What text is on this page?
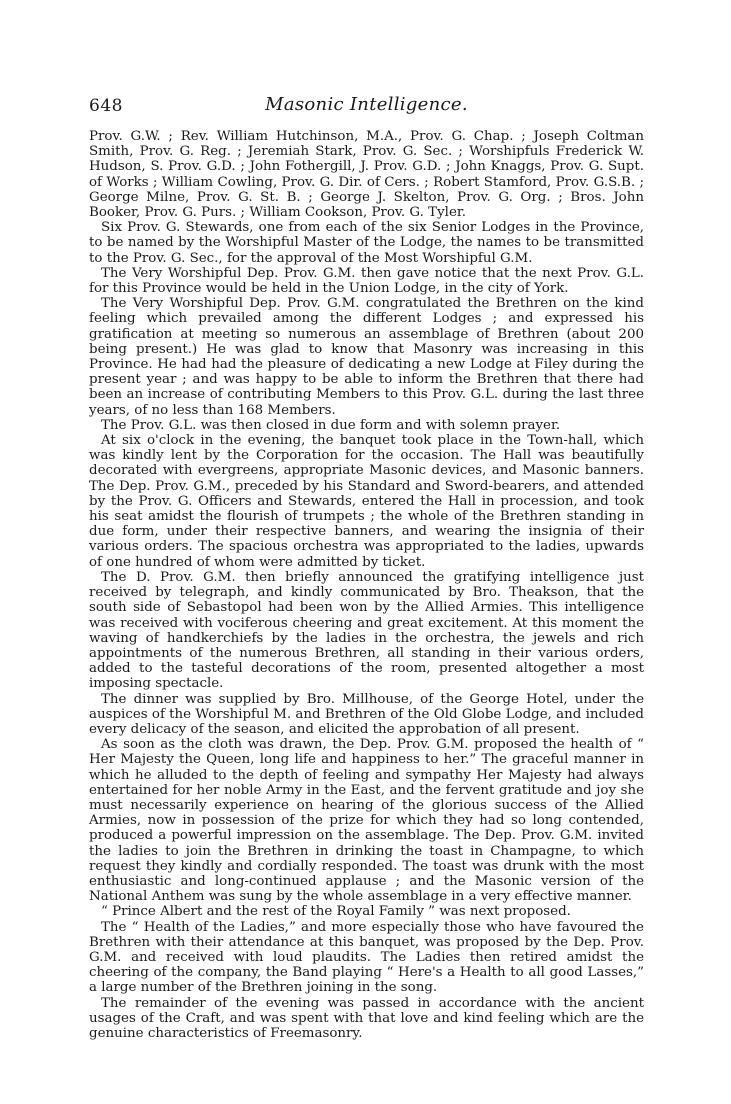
648	Masonic Intelligence.

Prov. G.W. ; Rev. William Hutchinson, M.A., Prov. G. Chap. ; Joseph Coltman Smith, Prov. G. Reg. ; Jeremiah Stark, Prov. G. Sec. ; Worshipfuls Frederick W. Hudson, S. Prov. G.D. ; John Fothergill, J. Prov. G.D. ; John Knaggs, Prov. G. Supt. of Works ; William Cowling, Prov. G. Dir. of Cers. ; Robert Stamford, Prov. G.S.B. ; George Milne, Prov. G. St. B. ; George J. Skelton, Prov. G. Org. ; Bros. John Booker, Prov. G. Purs. ; William Cookson, Prov. G. Tyler.

Six Prov. G. Stewards, one from each of the six Senior Lodges in the Province, to be named by the Worshipful Master of the Lodge, the names to be transmitted to the Prov. G. Sec., for the approval of the Most Worshipful G.M.

The Very Worshipful Dep. Prov. G.M. then gave notice that the next Prov. G.L. for this Province would be held in the Union Lodge, in the city of York.

The Very Worshipful Dep. Prov. G.M. congratulated the Brethren on the kind feeling which prevailed among the different Lodges ; and expressed his gratification at meeting so numerous an assemblage of Brethren (about 200 being present.) He was glad to know that Masonry was increasing in this Province. He had had the pleasure of dedicating a new Lodge at Filey during the present year ; and was happy to be able to inform the Brethren that there had been an increase of contributing Members to this Prov. G.L. during the last three years, of no less than 168 Members.

The Prov. G.L. was then closed in due form and with solemn prayer.

At six o'clock in the evening, the banquet took place in the Town-hall, which was kindly lent by the Corporation for the occasion. The Hall was beautifully decorated with evergreens, appropriate Masonic devices, and Masonic banners. The Dep. Prov. G.M., preceded by his Standard and Sword-bearers, and attended by the Prov. G. Officers and Stewards, entered the Hall in procession, and took his seat amidst the flourish of trumpets ; the whole of the Brethren standing in due form, under their respective banners, and wearing the insignia of their various orders. The spacious orchestra was appropriated to the ladies, upwards of one hundred of whom were admitted by ticket.

The D. Prov. G.M. then briefly announced the gratifying intelligence just received by telegraph, and kindly communicated by Bro. Theakson, that the south side of Sebastopol had been won by the Allied Armies. This intelligence was received with vociferous cheering and great excitement. At this moment the waving of handkerchiefs by the ladies in the orchestra, the jewels and rich appointments of the numerous Brethren, all standing in their various orders, added to the tasteful decorations of the room, presented altogether a most imposing spectacle.

The dinner was supplied by Bro. Millhouse, of the George Hotel, under the auspices of the Worshipful M. and Brethren of the Old Globe Lodge, and included every delicacy of the season, and elicited the approbation of all present.

As soon as the cloth was drawn, the Dep. Prov. G.M. proposed the health of “ Her Majesty the Queen, long life and happiness to her.” The graceful manner in which he alluded to the depth of feeling and sympathy Her Majesty had always entertained for her noble Army in the East, and the fervent gratitude and joy she must necessarily experience on hearing of the glorious success of the Allied Armies, now in possession of the prize for which they had so long contended, produced a powerful impression on the assemblage. The Dep. Prov. G.M. invited the ladies to join the Brethren in drinking the toast in Champagne, to which request they kindly and cordially responded. The toast was drunk with the most enthusiastic and long-continued applause ; and the Masonic version of the National Anthem was sung by the whole assemblage in a very effective manner.

“ Prince Albert and the rest of the Royal Family ” was next proposed.

The “ Health of the Ladies,” and more especially those who have favoured the Brethren with their attendance at this banquet, was proposed by the Dep. Prov. G.M. and received with loud plaudits. The Ladies then retired amidst the cheering of the company, the Band playing “ Here's a Health to all good Lasses,” a large number of the Brethren joining in the song.

The remainder of the evening was passed in accordance with the ancient usages of the Craft, and was spent with that love and kind feeling which are the genuine characteristics of Freemasonry.
